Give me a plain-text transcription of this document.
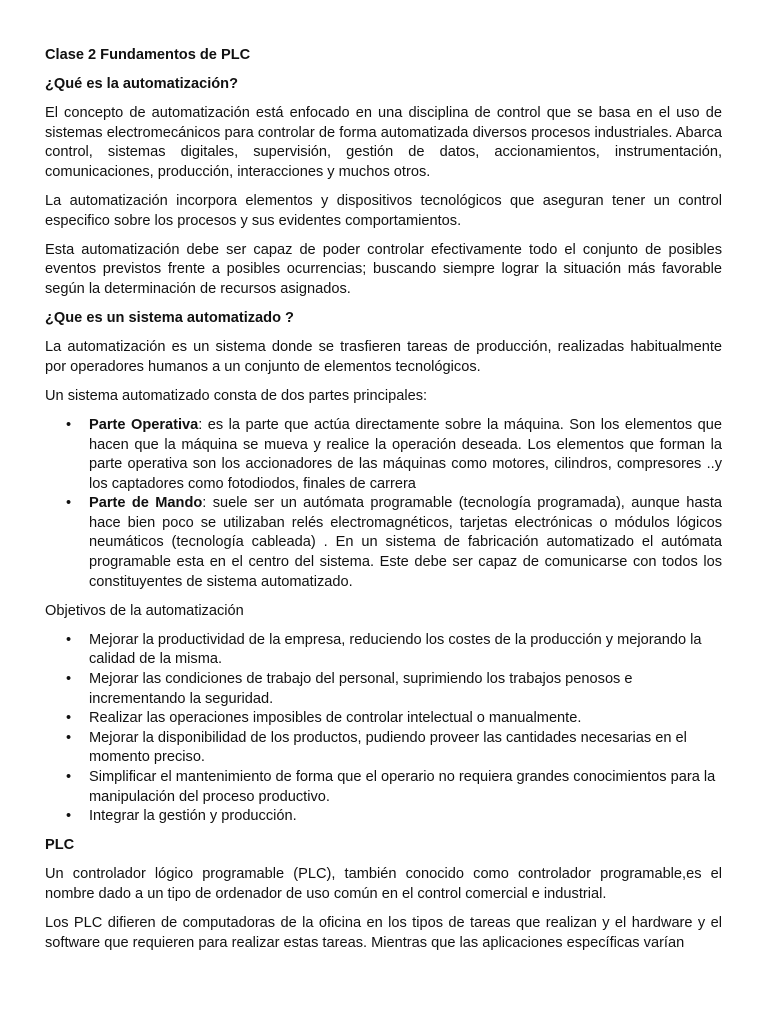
Clase 2 Fundamentos de PLC
¿Qué es la automatización?
El concepto de automatización está enfocado en una disciplina de control que se basa en el uso de sistemas electromecánicos para controlar de forma automatizada diversos procesos industriales. Abarca control, sistemas digitales, supervisión, gestión de datos, accionamientos, instrumentación, comunicaciones, producción, interacciones y muchos otros.
La automatización incorpora elementos y dispositivos tecnológicos que aseguran tener un control especifico sobre los procesos y sus evidentes comportamientos.
Esta automatización debe ser capaz de poder controlar efectivamente todo el conjunto de posibles eventos previstos frente a posibles ocurrencias; buscando siempre lograr la situación más favorable según la determinación de recursos asignados.
¿Que es un sistema automatizado ?
La automatización es un sistema donde se trasfieren tareas de producción, realizadas habitualmente por operadores humanos a un conjunto de elementos tecnológicos.
Un sistema automatizado consta de dos partes principales:
• Parte Operativa: es la parte que actúa directamente sobre la máquina. Son los elementos que hacen que la máquina se mueva y realice la operación deseada. Los elementos que forman la parte operativa son los accionadores de las máquinas como motores, cilindros, compresores ..y los captadores como fotodiodos, finales de carrera
• Parte de Mando: suele ser un autómata programable (tecnología programada), aunque hasta hace bien poco se utilizaban relés electromagnéticos, tarjetas electrónicas o módulos lógicos neumáticos (tecnología cableada) . En un sistema de fabricación automatizado el autómata programable esta en el centro del sistema. Este debe ser capaz de comunicarse con todos los constituyentes de sistema automatizado.
Objetivos de la automatización
• Mejorar la productividad de la empresa, reduciendo los costes de la producción y mejorando la calidad de la misma.
• Mejorar las condiciones de trabajo del personal, suprimiendo los trabajos penosos e incrementando la seguridad.
• Realizar las operaciones imposibles de controlar intelectual o manualmente.
• Mejorar la disponibilidad de los productos, pudiendo proveer las cantidades necesarias en el momento preciso.
• Simplificar el mantenimiento de forma que el operario no requiera grandes conocimientos para la manipulación del proceso productivo.
• Integrar la gestión y producción.
PLC
Un controlador lógico programable (PLC), también conocido como controlador programable,es el nombre dado a un tipo de ordenador de uso común en el control comercial e industrial.
Los PLC difieren de computadoras de la oficina en los tipos de tareas que realizan y el hardware y el software que requieren para realizar estas tareas. Mientras que las aplicaciones específicas varían
